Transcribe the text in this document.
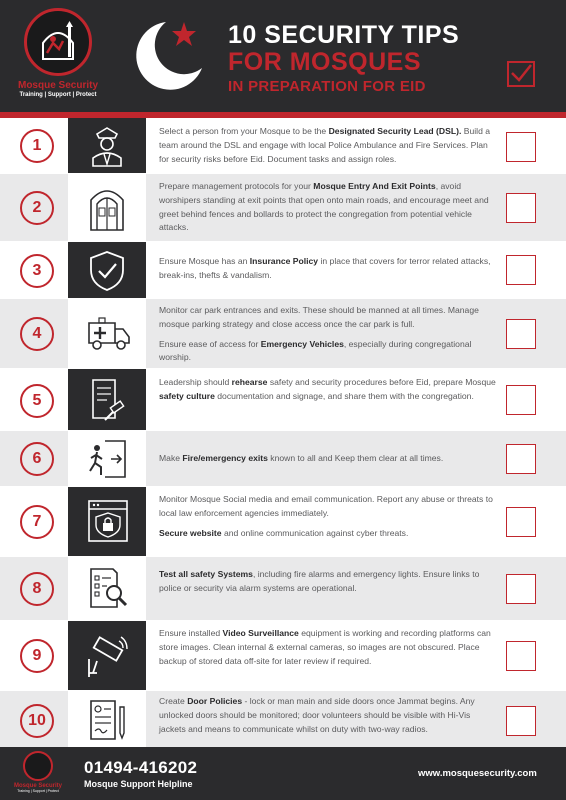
Mosque Security
Training | Support | Protect
10 SECURITY TIPS
FOR MOSQUES
IN PREPARATION FOR EID
1

Select a person from your Mosque to be the Designated Security Lead (DSL). Build a team around the DSL and engage with local Police Ambulance and Fire Services. Plan for security risks before Eid. Document tasks and assign roles.

2

Prepare management protocols for your Mosque Entry And Exit Points, avoid worshipers standing at exit points that open onto main roads, and encourage meet and greet behind fences and bollards to protect the congregation from potential vehicle attacks.

3

Ensure Mosque has an Insurance Policy in place that covers for terror related attacks, break-ins, thefts & vandalism.

4

Monitor car park entrances and exits. These should be manned at all times. Manage mosque parking strategy and close access once the car park is full.

Ensure ease of access for Emergency Vehicles, especially during congregational worship.

5

Leadership should rehearse safety and security procedures before Eid, prepare Mosque safety culture documentation and signage, and share them with the congregation.

6	Make Fire/emergency exits known to all and Keep them clear at all times.

7

Monitor Mosque Social media and email communication. Report any abuse or threats to local law enforcement agencies immediately.

Secure website and online communication against cyber threats.

8

Test all safety Systems, including fire alarms and emergency lights. Ensure links to police or security via alarm systems are operational.

9

Ensure installed Video Surveillance equipment is working and recording platforms can store images. Clean internal & external cameras, so images are not obscured. Place backup of stored data off-site for later review if required.

10

Create Door Policies - lock or man main and side doors once Jammat begins. Any unlocked doors should be monitored; door volunteers should be visible with Hi-Vis jackets and means to communicate whilst on duty with two-way radios.

Mosque Security
Training | Support | Protect
01494-416202
Mosque Support Helpline
www.mosquesecurity.com
